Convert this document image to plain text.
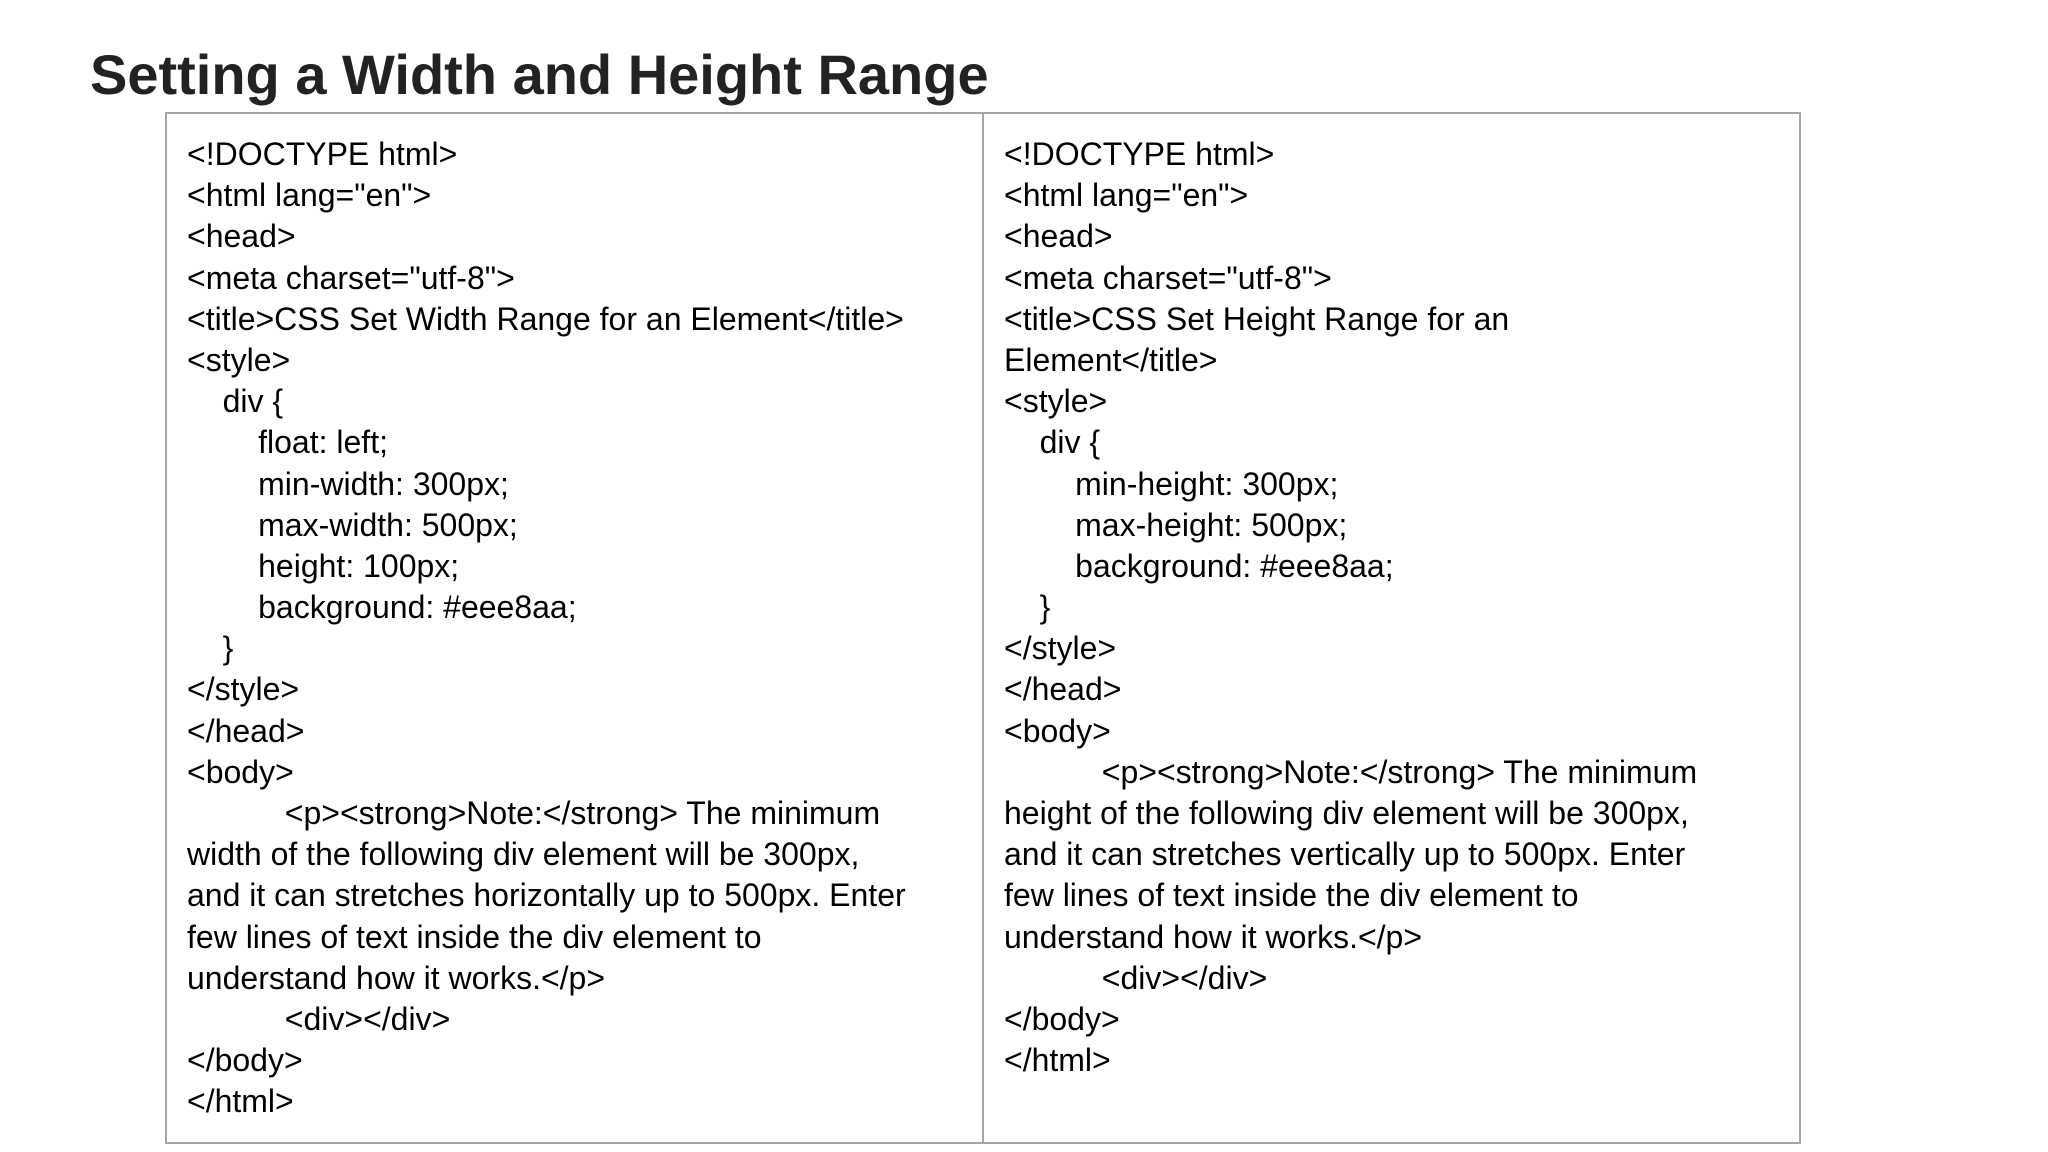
Setting a Width and Height Range
<!DOCTYPE html>
<html lang="en">
<head>
<meta charset="utf-8">
<title>CSS Set Width Range for an Element</title>
<style>
div {
float: left;
min-width: 300px;
max-width: 500px;
height: 100px;
background: #eee8aa;
}
</style>
</head>
<body>
<p><strong>Note:</strong> The minimum
width of the following div element will be 300px,
and it can stretches horizontally up to 500px. Enter
few lines of text inside the div element to
understand how it works.</p>
<div></div>
</body>
</html>
<!DOCTYPE html>
<html lang="en">
<head>
<meta charset="utf-8">
<title>CSS Set Height Range for an
Element</title>
<style>
div {
min-height: 300px;
max-height: 500px;
background: #eee8aa;
}
</style>
</head>
<body>
<p><strong>Note:</strong> The minimum
height of the following div element will be 300px,
and it can stretches vertically up to 500px. Enter
few lines of text inside the div element to
understand how it works.</p>
<div></div>
</body>
</html>
